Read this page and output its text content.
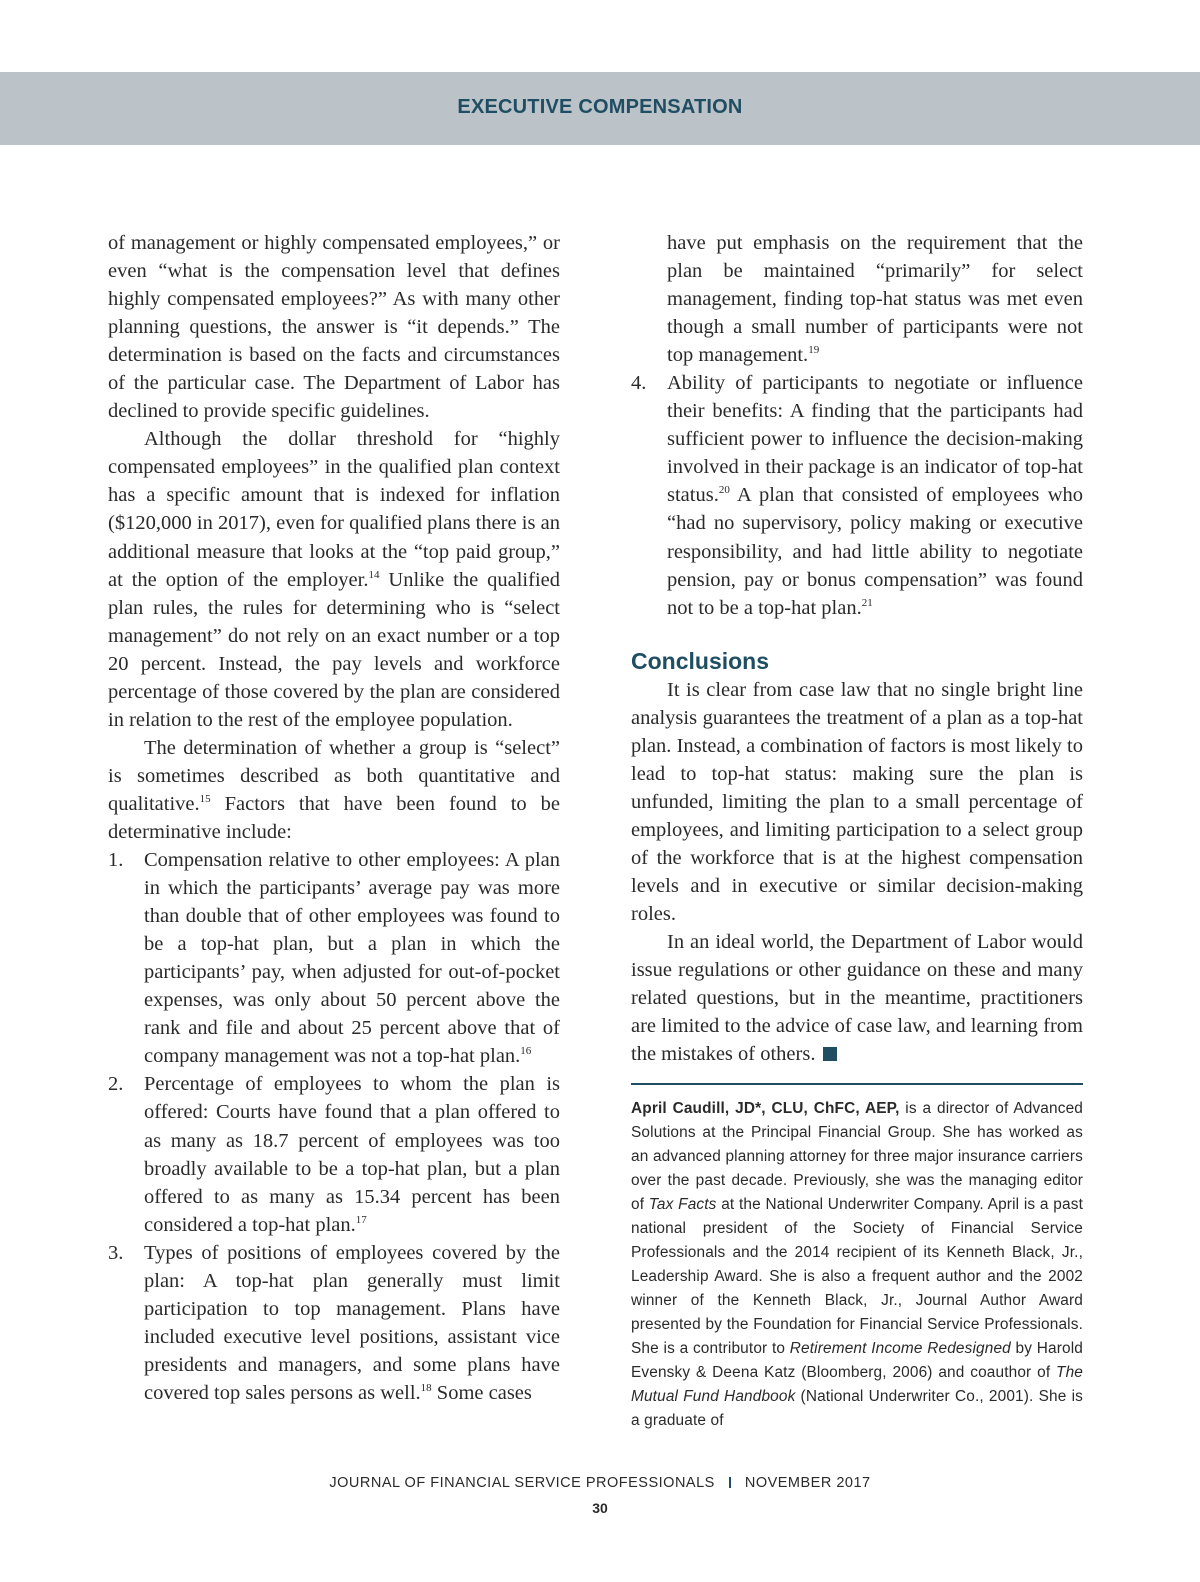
EXECUTIVE COMPENSATION

of management or highly compensated employees,” or even “what is the compensation level that defines highly compensated employees?” As with many other planning questions, the answer is “it depends.” The determination is based on the facts and circumstances of the particular case. The Department of Labor has declined to provide specific guidelines.

Although the dollar threshold for “highly compensated employees” in the qualified plan context has a specific amount that is indexed for inflation ($120,000 in 2017), even for qualified plans there is an additional measure that looks at the “top paid group,” at the option of the employer.$^{14}$ Unlike the qualified plan rules, the rules for determining who is “select management” do not rely on an exact number or a top 20 percent. Instead, the pay levels and workforce percentage of those covered by the plan are considered in relation to the rest of the employee population.

The determination of whether a group is “select” is sometimes described as both quantitative and qualitative.$^{15}$ Factors that have been found to be determinative include:

1. Compensation relative to other employees: A plan in which the participants’ average pay was more than double that of other employees was found to be a top-hat plan, but a plan in which the participants’ pay, when adjusted for out-of-pocket expenses, was only about 50 percent above the rank and file and about 25 percent above that of company management was not a top-hat plan.$^{16}$

2. Percentage of employees to whom the plan is offered: Courts have found that a plan offered to as many as 18.7 percent of employees was too broadly available to be a top-hat plan, but a plan offered to as many as 15.34 percent has been considered a top-hat plan.$^{17}$

3. Types of positions of employees covered by the plan: A top-hat plan generally must limit participation to top management. Plans have included executive level positions, assistant vice presidents and managers, and some plans have covered top sales persons as well.$^{18}$ Some cases

have put emphasis on the requirement that the plan be maintained “primarily” for select management, finding top-hat status was met even though a small number of participants were not top management.$^{19}$

4. Ability of participants to negotiate or influence their benefits: A finding that the participants had sufficient power to influence the decision-making involved in their package is an indicator of top-hat status.$^{20}$ A plan that consisted of employees who “had no supervisory, policy making or executive responsibility, and had little ability to negotiate pension, pay or bonus compensation” was found not to be a top-hat plan.$^{21}$

Conclusions

It is clear from case law that no single bright line analysis guarantees the treatment of a plan as a top-hat plan. Instead, a combination of factors is most likely to lead to top-hat status: making sure the plan is unfunded, limiting the plan to a small percentage of employees, and limiting participation to a select group of the workforce that is at the highest compensation levels and in executive or similar decision-making roles.

In an ideal world, the Department of Labor would issue regulations or other guidance on these and many related questions, but in the meantime, practitioners are limited to the advice of case law, and learning from the mistakes of others.

April Caudill, JD*, CLU, ChFC, AEP, is a director of Advanced Solutions at the Principal Financial Group. She has worked as an advanced planning attorney for three major insurance carriers over the past decade. Previously, she was the managing editor of Tax Facts at the National Underwriter Company. April is a past national president of the Society of Financial Service Professionals and the 2014 recipient of its Kenneth Black, Jr., Leadership Award. She is also a frequent author and the 2002 winner of the Kenneth Black, Jr., Journal Author Award presented by the Foundation for Financial Service Professionals. She is a contributor to Retirement Income Redesigned by Harold Evensky & Deena Katz (Bloomberg, 2006) and coauthor of The Mutual Fund Handbook (National Underwriter Co., 2001). She is a graduate of
JOURNAL OF FINANCIAL SERVICE PROFESSIONALS NOVEMBER 2017
30
